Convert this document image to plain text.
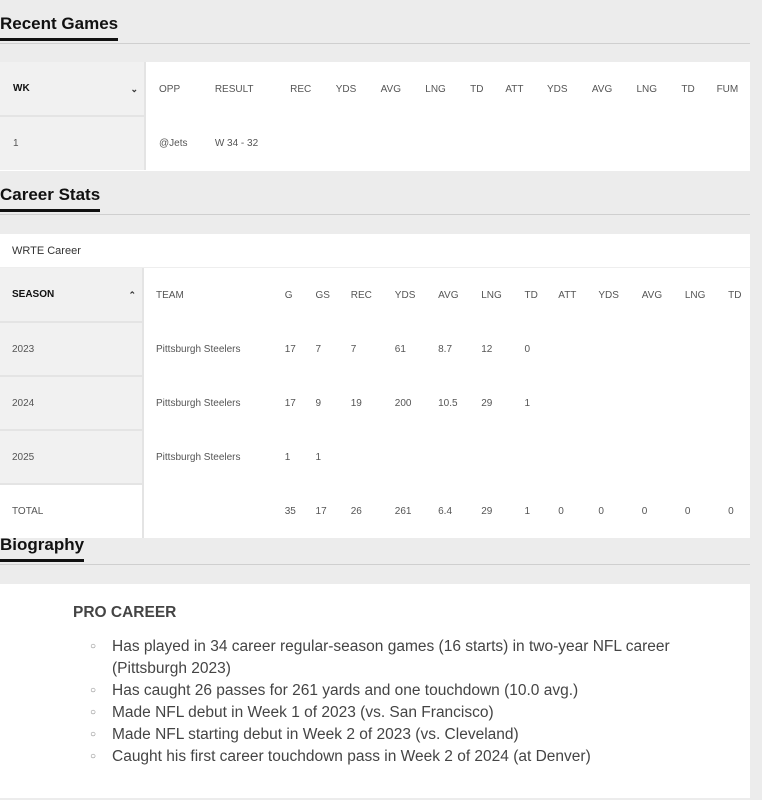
Recent Games
WK ⌄	OPP	RESULT	REC	YDS	AVG	LNG	TD	ATT	YDS	AVG	LNG	TD	FUM
1	@Jets	W 34 - 32											
Career Stats
WRTE Career
SEASON ⌃	TEAM	G	GS	REC	YDS	AVG	LNG	TD	ATT	YDS	AVG	LNG	TD
2023	Pittsburgh Steelers	17	7	7	61	8.7	12	0					
2024	Pittsburgh Steelers	17	9	19	200	10.5	29	1					
2025	Pittsburgh Steelers	1	1										
TOTAL		35	17	26	261	6.4	29	1	0	0	0	0	0
Biography
PRO CAREER
○ Has played in 34 career regular-season games (16 starts) in two-year NFL career (Pittsburgh 2023)
○ Has caught 26 passes for 261 yards and one touchdown (10.0 avg.)
○ Made NFL debut in Week 1 of 2023 (vs. San Francisco)
○ Made NFL starting debut in Week 2 of 2023 (vs. Cleveland)
○ Caught his first career touchdown pass in Week 2 of 2024 (at Denver)
